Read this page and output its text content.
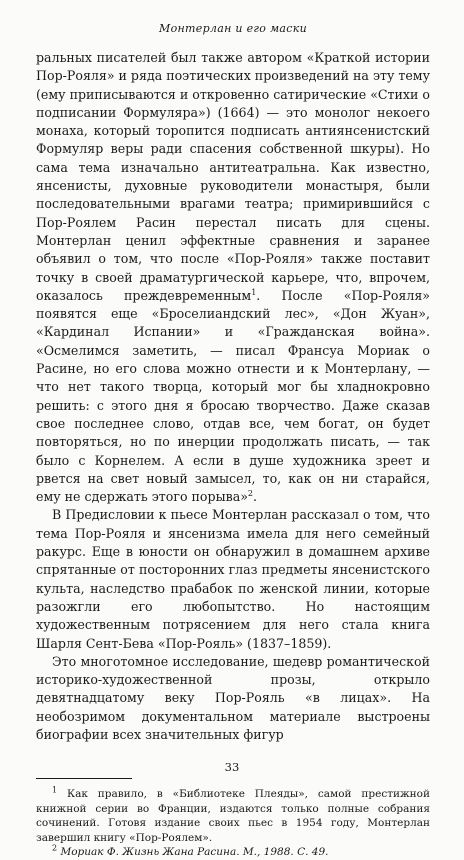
Монтерлан и его маски

ральных писателей был также автором «Краткой истории Пор-Рояля» и ряда поэтических произведений на эту тему (ему приписываются и откровенно сатирические «Стихи о подписании Формуляра») (1664) — это монолог некоего монаха, который торопится подписать антиянсенистский Формуляр веры ради спасения собственной шкуры). Но сама тема изначально антитеатральна. Как известно, янсенисты, духовные руководители монастыря, были последовательными врагами театра; примирившийся с Пор-Роялем Расин перестал писать для сцены. Монтерлан ценил эффектные сравнения и заранее объявил о том, что после «Пор-Рояля» также поставит точку в своей драматургической карьере, что, впрочем, оказалось преждевременным$^1$. После «Пор-Рояля» появятся еще «Броселиандский лес», «Дон Жуан», «Кардинал Испании» и «Гражданская война». «Осмелимся заметить, — писал Франсуа Мориак о Расине, но его слова можно отнести и к Монтерлану, — что нет такого творца, который мог бы хладнокровно решить: с этого дня я бросаю творчество. Даже сказав свое последнее слово, отдав все, чем богат, он будет повторяться, но по инерции продолжать писать, — так было с Корнелем. А если в душе художника зреет и рвется на свет новый замысел, то, как он ни старайся, ему не сдержать этого порыва»$^2$.

В Предисловии к пьесе Монтерлан рассказал о том, что тема Пор-Рояля и янсенизма имела для него семейный ракурс. Еще в юности он обнаружил в домашнем архиве спрятанные от посторонних глаз предметы янсенистского культа, наследство прабабок по женской линии, которые разожгли его любопытство. Но настоящим художественным потрясением для него стала книга Шарля Сент-Бева «Пор-Рояль» (1837–1859).

Это многотомное исследование, шедевр романтической историко-художественной прозы, открыло девятнадцатому веку Пор-Рояль «в лицах». На необозримом документальном материале выстроены биографии всех значительных фигур

$^1$ Как правило, в «Библиотеке Плеяды», самой престижной книжной серии во Франции, издаются только полные собрания сочинений. Готовя издание своих пьес в 1954 году, Монтерлан завершил книгу «Пор-Роялем».

$^2$ Мориак Ф. Жизнь Жана Расина. М., 1988. С. 49.

33
